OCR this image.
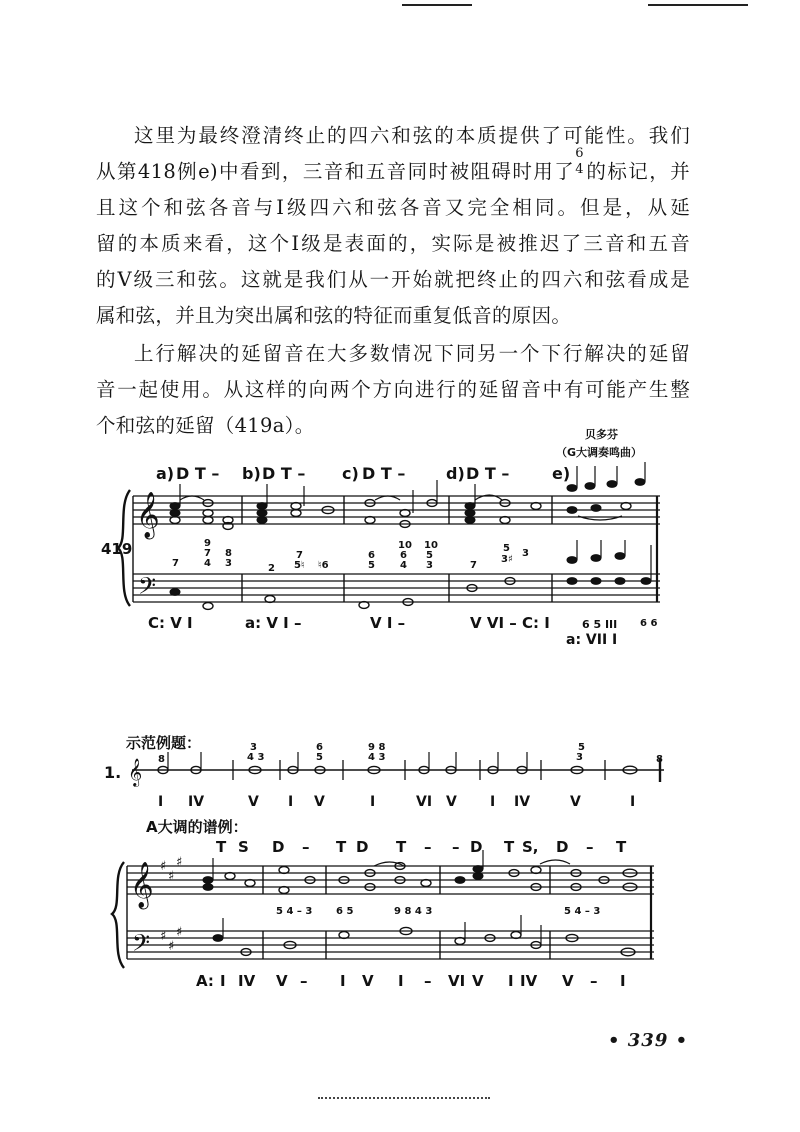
这里为最终澄清终止的四六和弦的本质提供了可能性。我们
从第418例e)中看到，三音和五音同时被阻碍时用了
6
4 的标记，并
且这个和弦各音与Ⅰ级四六和弦各音又完全相同。但是，从延
留的本质来看，这个Ⅰ级是表面的，实际是被推迟了三音和五音
的Ⅴ级三和弦。这就是我们从一开始就把终止的四六和弦看成是
属和弦，并且为突出属和弦的特征而重复低音的原因。
上行解决的延留音在大多数情况下同另一个下行解决的延留
音一起使用。从这样的向两个方向进行的延留音中有可能产生整
个和弦的延留（419a）。	贝多芬
（G大调奏鸣曲）
a) D T – b) D T – c) D T –	d) D T –	e)
419
𝄞
𝄢
7
9
7
4
8
3	2
7
5♮ ♮6
6
5
10
6
4
10
5
3	7
5
3♯
3
C: V I	a: V I –	V I –	V VI – C: I	6 5 III 6 6
a: VII I
示范例题：
1. 𝄞 8
3
4 3
6
5
9 8
4 3
5
3	8
I IV	V I V	I	VI V I IV	V	I
A大调的谱例：
T S D – T D T – – D T S, D – T
𝄞
𝄢
♯
♯
♯
♯
♯
♯
5 4 – 3 6 5	9 8 4 3	5 4 – 3
A: I IV V – I V I – VI V I IV V – I
• 339 •
